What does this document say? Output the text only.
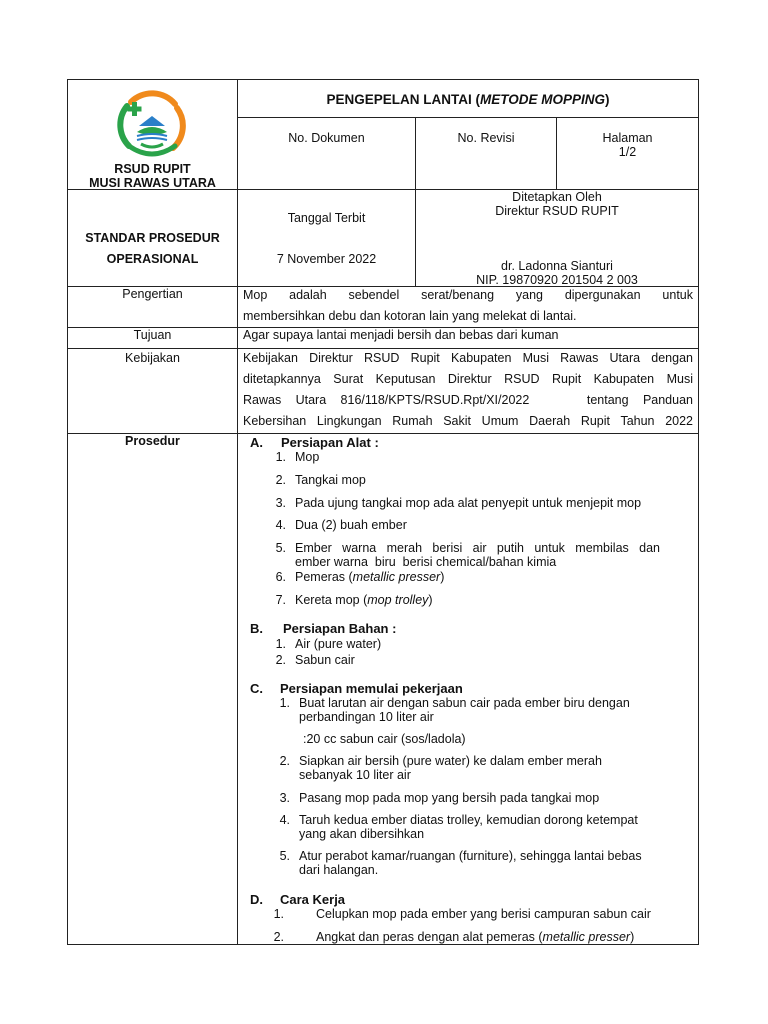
RSUD RUPIT
MUSI RAWAS UTARA
PENGEPELAN LANTAI (METODE MOPPING)
No. Dokumen	No. Revisi	Halaman
1/2
STANDAR PROSEDUR
OPERASIONAL
Tanggal Terbit
7 November 2022
Ditetapkan Oleh
Direktur RSUD RUPIT
dr. Ladonna Sianturi
NIP. 19870920 201504 2 003
Pengertian	Mop adalah sebendel serat/benang yang dipergunakan untuk
membersihkan debu dan kotoran lain yang melekat di lantai.
Tujuan	Agar supaya lantai menjadi bersih dan bebas dari kuman
Kebijakan	Kebijakan Direktur RSUD Rupit Kabupaten Musi Rawas Utara dengan
ditetapkannya Surat Keputusan Direktur RSUD Rupit Kabupaten Musi
Rawas Utara 816/118/KPTS/RSUD.Rpt/XI/2022    tentang Panduan
Kebersihan Lingkungan Rumah Sakit Umum Daerah Rupit Tahun 2022
Prosedur	A. Persiapan Alat :
1. Mop
2. Tangkai mop
3. Pada ujung tangkai mop ada alat penyepit untuk menjepit mop
4. Dua (2) buah ember
5. Ember warna merah berisi air putih untuk membilas dan
ember warna  biru  berisi chemical/bahan kimia
6. Pemeras (metallic presser)
7. Kereta mop (mop trolley)
B. Persiapan Bahan :
1. Air (pure water)
2. Sabun cair
C. Persiapan memulai pekerjaan
1. Buat larutan air dengan sabun cair pada ember biru dengan
perbandingan 10 liter air
:20 cc sabun cair (sos/ladola)
2. Siapkan air bersih (pure water) ke dalam ember merah
sebanyak 10 liter air
3. Pasang mop pada mop yang bersih pada tangkai mop
4. Taruh kedua ember diatas trolley, kemudian dorong ketempat
yang akan dibersihkan
5. Atur perabot kamar/ruangan (furniture), sehingga lantai bebas
dari halangan.
D. Cara Kerja
1.	Celupkan mop pada ember yang berisi campuran sabun cair
2.	Angkat dan peras dengan alat pemeras (metallic presser)
